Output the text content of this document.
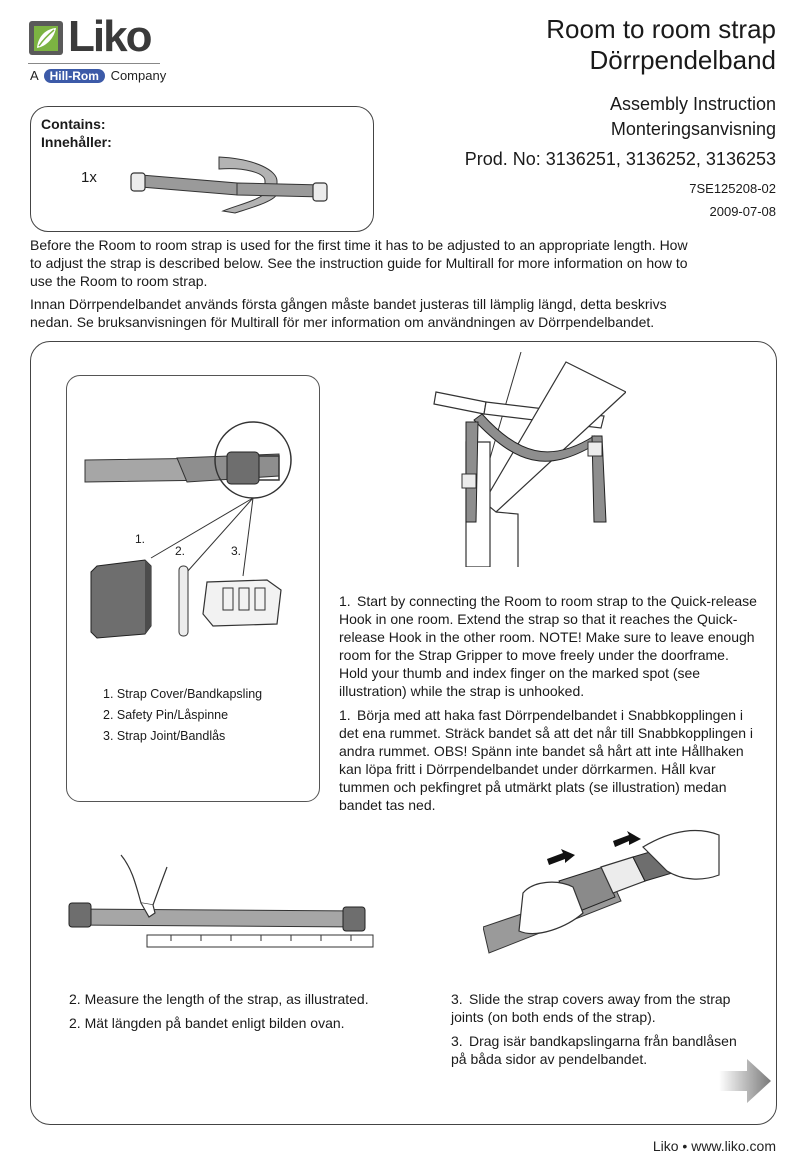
Liko
A Hill-Rom Company
Room to room strap
Dörrpendelband
Assembly Instruction
Monteringsanvisning
Prod. No: 3136251, 3136252, 3136253
7SE125208-02
2009-07-08
Contains:
Innehåller:
1x

Before the Room to room strap is used for the first time it has to be adjusted to an appropriate length. How to adjust the strap is described below. See the instruction guide for Multirall for more information on how to use the Room to room strap.

Innan Dörrpendelbandet används första gången måste bandet justeras till lämplig längd, detta beskrivs nedan. Se bruksanvisningen för Multirall för mer information om användningen av Dörrpendelbandet.

1.
2.	3.
1. Strap Cover/Bandkapsling
2. Safety Pin/Låspinne
3. Strap Joint/Bandlås
1. Start by connecting the Room to room strap to the Quick-release Hook in one room. Extend the strap so that it reaches the Quick-release Hook in the other room. NOTE! Make sure to leave enough room for the Strap Gripper to move freely under the doorframe. Hold your thumb and index finger on the marked spot (see illustration) while the strap is unhooked.
1. Börja med att haka fast Dörrpendelbandet i Snabbkopplingen i det ena rummet. Sträck bandet så att det når till Snabbkopplingen i andra rummet. OBS! Spänn inte bandet så hårt att inte Hållhaken kan löpa fritt i Dörrpendelbandet under dörrkarmen. Håll kvar tummen och pekfingret på utmärkt plats (se illustration) medan bandet tas ned.
2. Measure the length of the strap, as illustrated.
2. Mät längden på bandet enligt bilden ovan.
3. Slide the strap covers away from the strap joints (on both ends of the strap).
3. Drag isär bandkapslingarna från bandlåsen på båda sidor av pendelbandet.
Liko • www.liko.com
